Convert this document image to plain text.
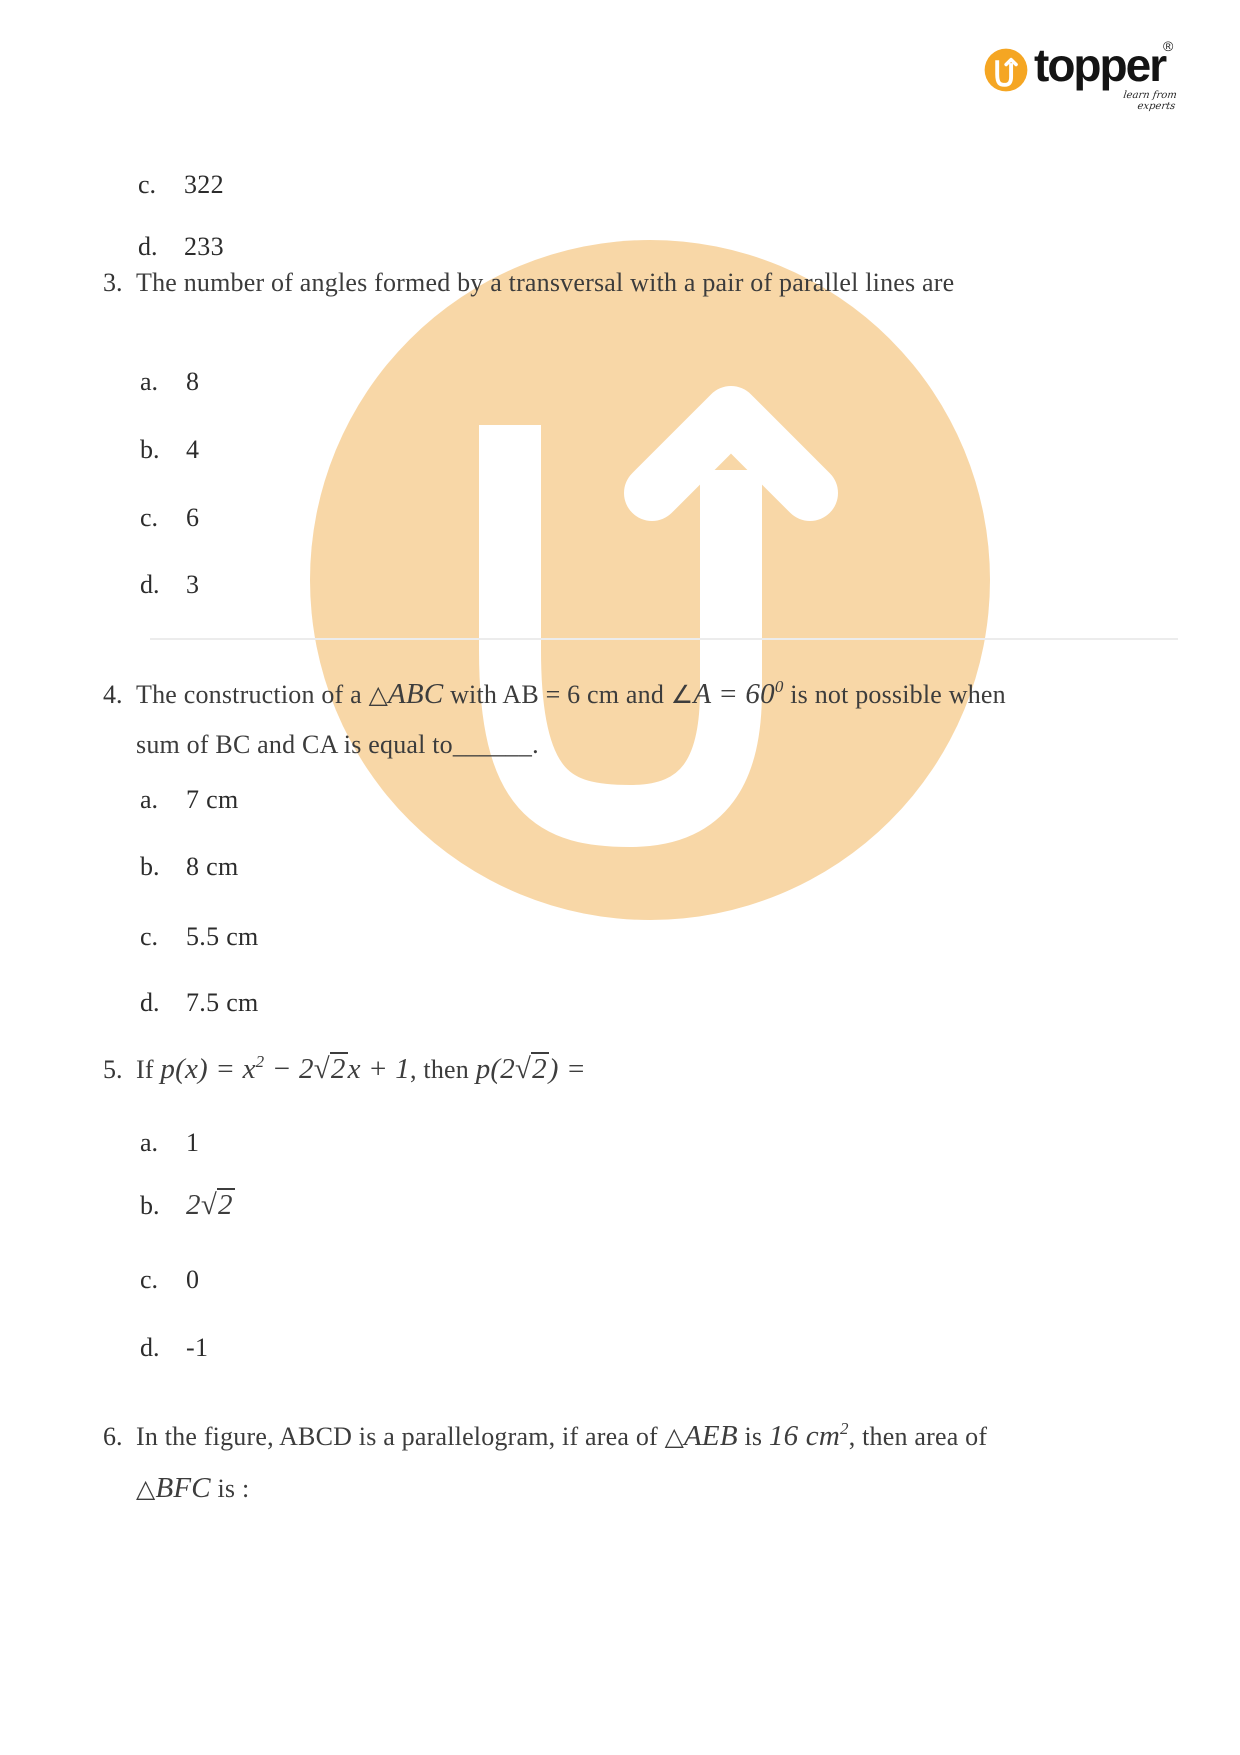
topper
®
learn from experts
c.	322
d.	233
3. The number of angles formed by a transversal with a pair of parallel lines are
a.	8
b.	4
c.	6
d.	3
4. The construction of a △ABC with AB = 6 cm and ∠A = $60^0$ is not possible when
sum of BC and CA is equal to______.
a.	7 cm
b.	8 cm
c.	5.5 cm
d.	7.5 cm
5. If $p(x) = x^2 - 2√2x + 1$, then p(2√2) =
a.	1
b. 2√2
c.	0
d.	-1
6. In the figure, ABCD is a parallelogram, if area of △AEB is 16 $cm^2$, then area of
△BFC is :
